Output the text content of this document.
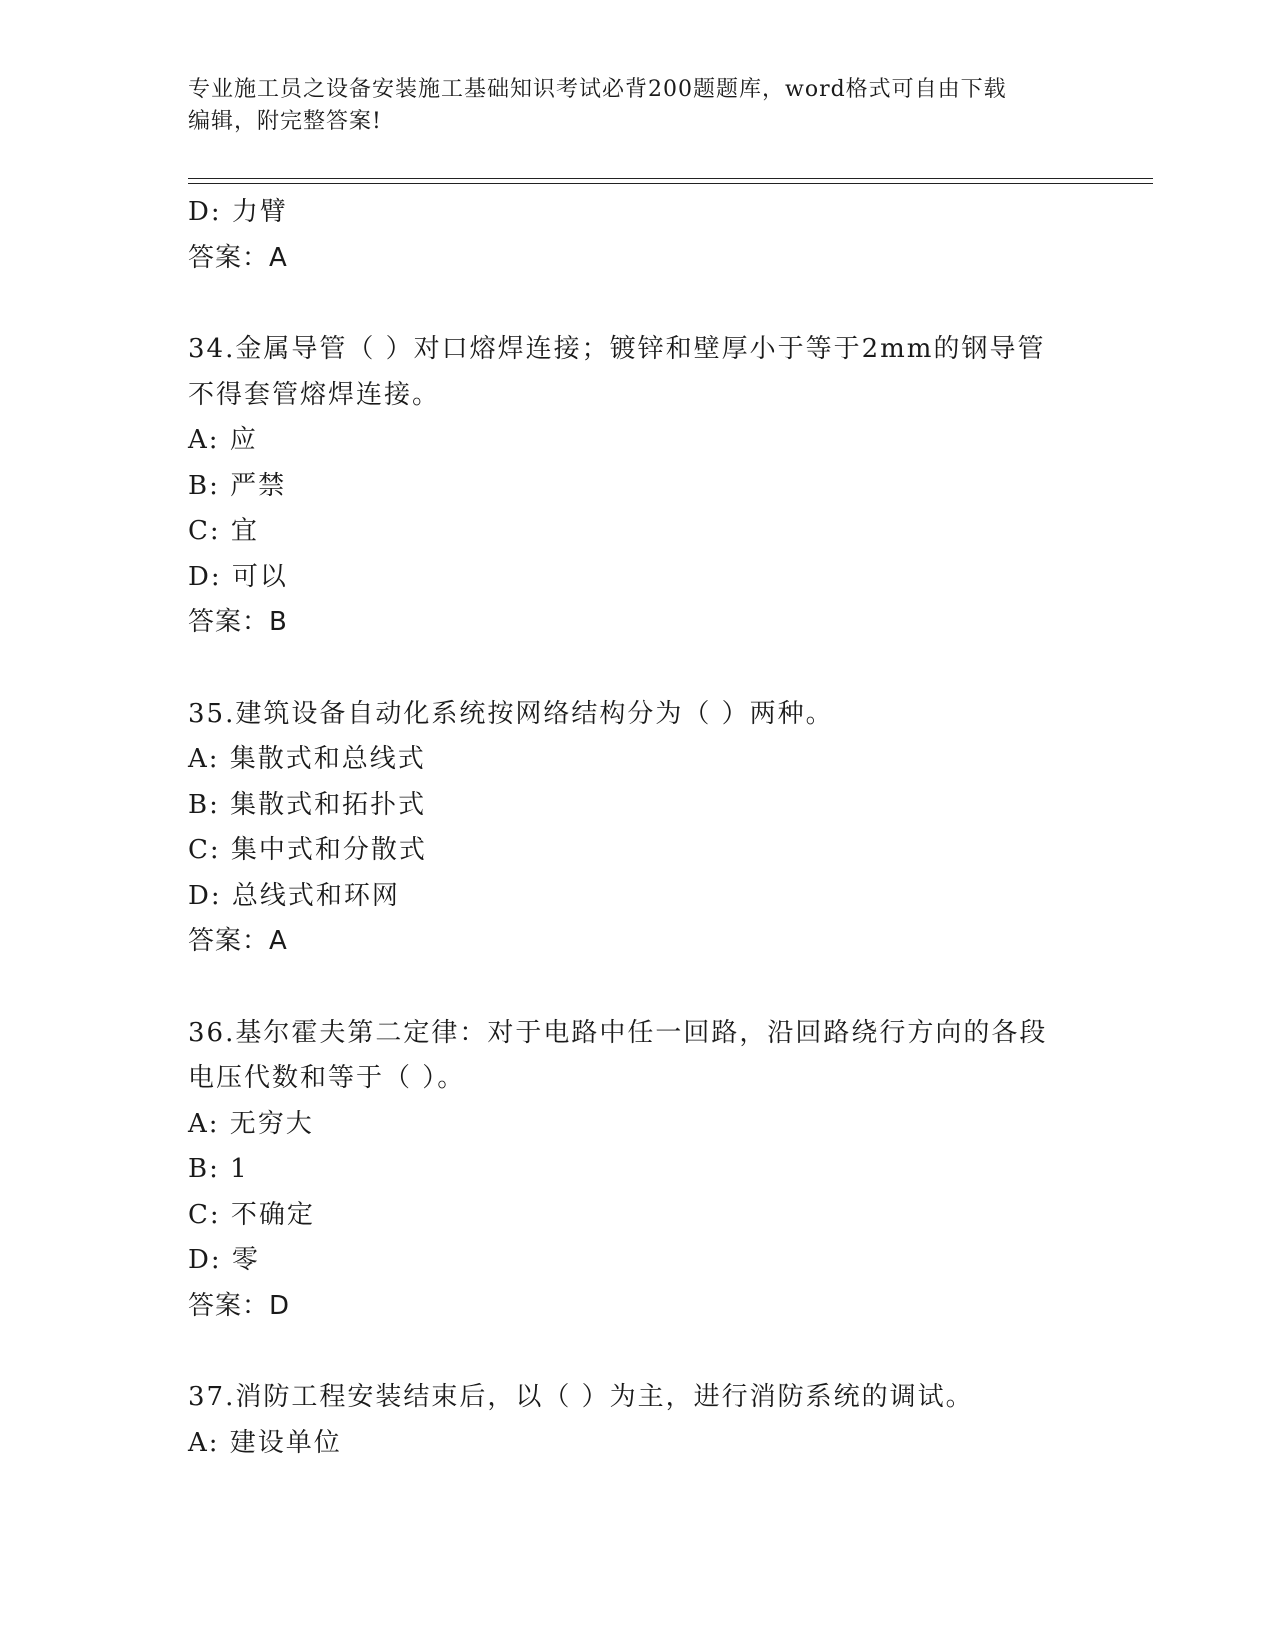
专业施工员之设备安装施工基础知识考试必背200题题库，word格式可自由下载
编辑，附完整答案!
D: 力臂
答案：A
34.金属导管（ ）对口熔焊连接；镀锌和壁厚小于等于2mm的钢导管
不得套管熔焊连接。
A: 应
B: 严禁
C: 宜
D: 可以
答案：B
35.建筑设备自动化系统按网络结构分为（ ）两种。
A: 集散式和总线式
B: 集散式和拓扑式
C: 集中式和分散式
D: 总线式和环网
答案：A
36.基尔霍夫第二定律：对于电路中任一回路，沿回路绕行方向的各段
电压代数和等于（ ）。
A: 无穷大
B: 1
C: 不确定
D: 零
答案：D
37.消防工程安装结束后，以（ ）为主，进行消防系统的调试。
A: 建设单位
